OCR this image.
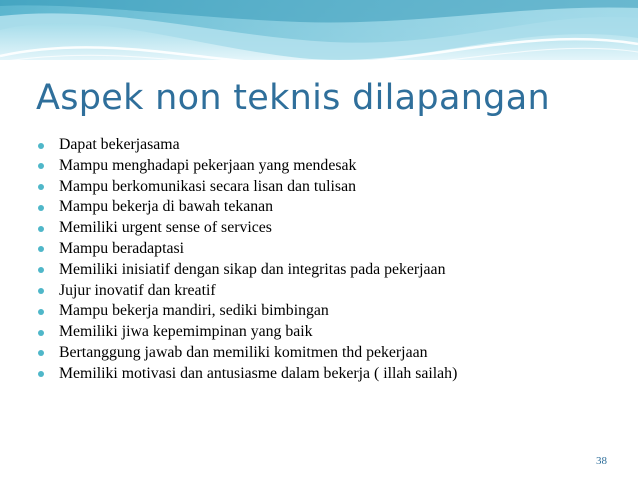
Aspek non teknis dilapangan
Dapat bekerjasama
Mampu menghadapi pekerjaan yang mendesak
Mampu berkomunikasi secara lisan dan tulisan
Mampu bekerja di bawah tekanan
Memiliki urgent sense of services
Mampu beradaptasi
Memiliki inisiatif dengan sikap dan integritas pada pekerjaan
Jujur inovatif dan kreatif
Mampu bekerja mandiri, sediki bimbingan
Memiliki jiwa kepemimpinan yang baik
Bertanggung jawab dan memiliki komitmen thd pekerjaan
Memiliki motivasi dan antusiasme dalam bekerja ( illah sailah)
38
